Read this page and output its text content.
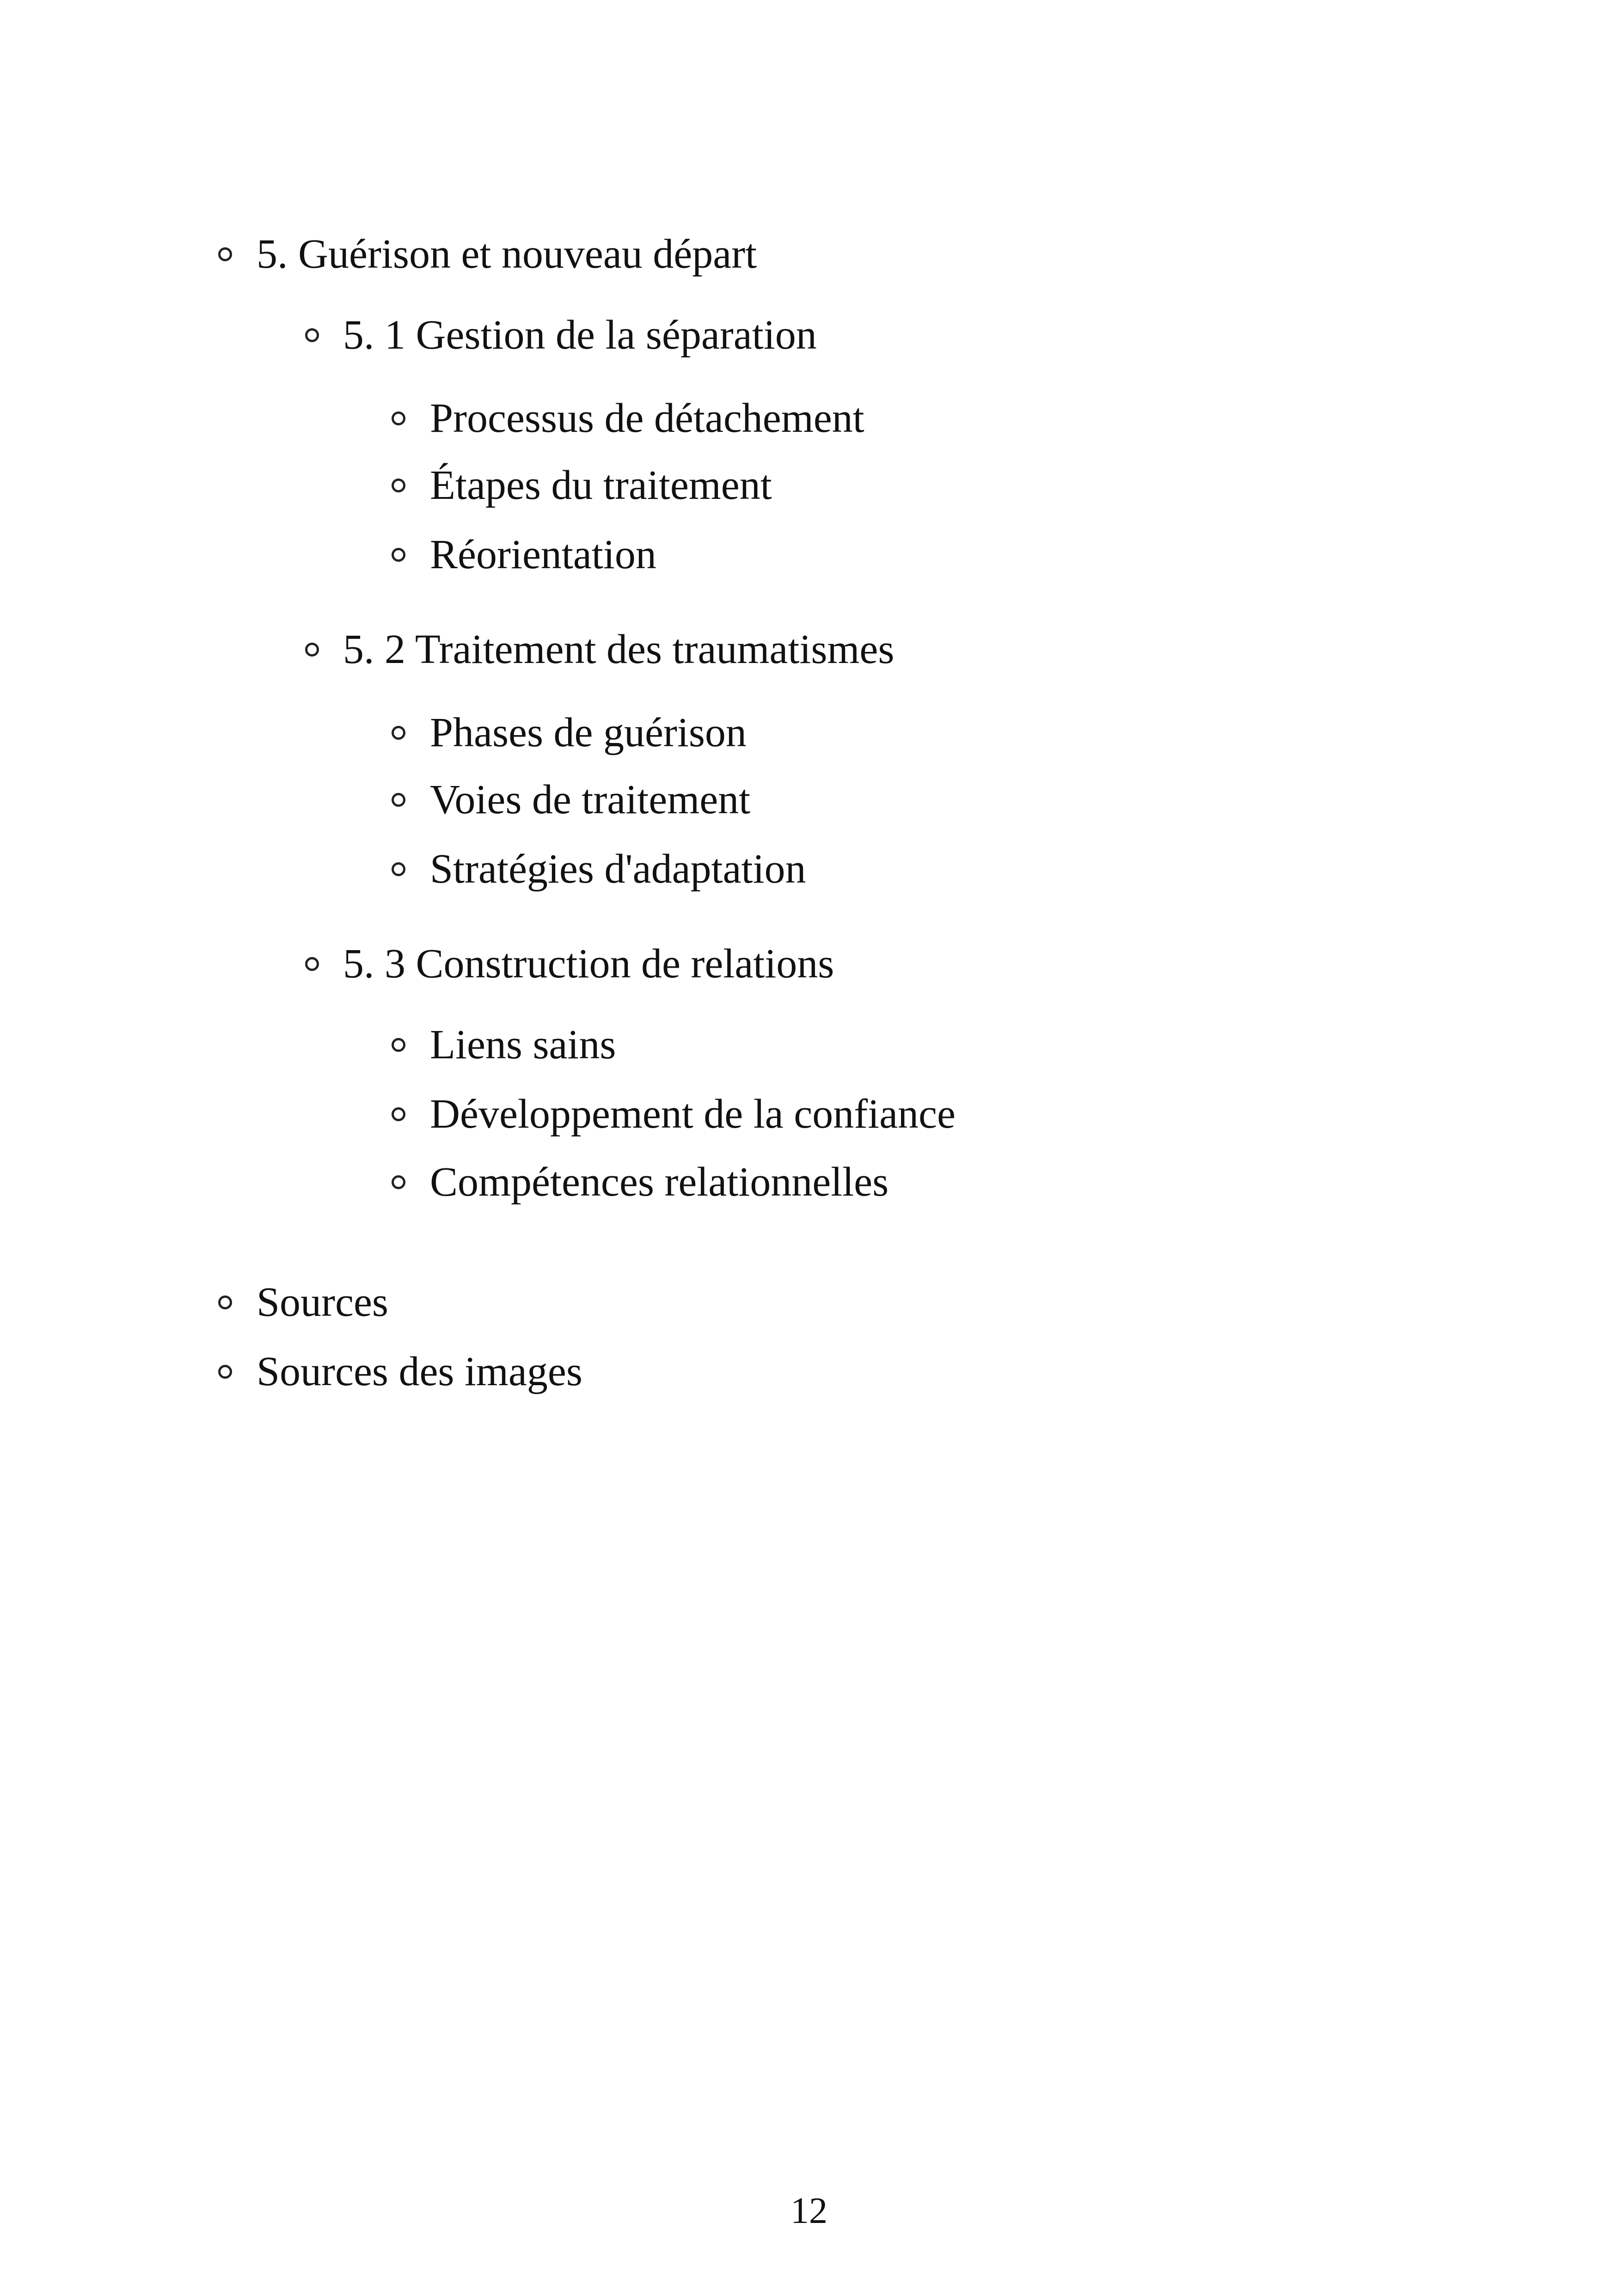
5. Guérison et nouveau départ
5. 1 Gestion de la séparation
Processus de détachement
Étapes du traitement
Réorientation
5. 2 Traitement des traumatismes
Phases de guérison
Voies de traitement
Stratégies d'adaptation
5. 3 Construction de relations
Liens sains
Développement de la confiance
Compétences relationnelles
Sources
Sources des images
12
